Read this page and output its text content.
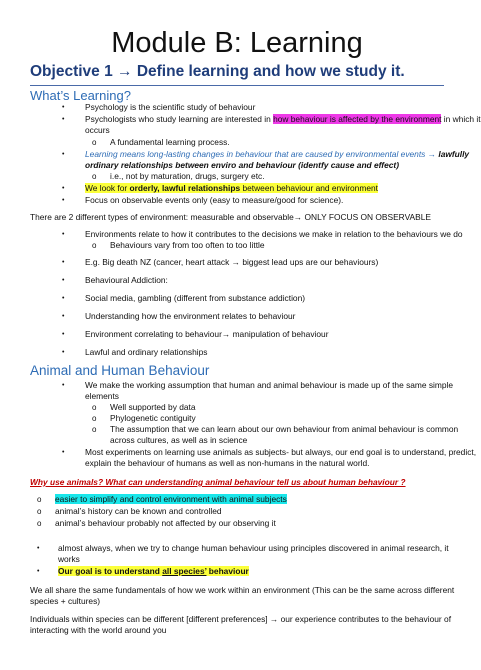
Module B: Learning
Objective 1 → Define learning and how we study it.
What’s Learning?
• Psychology is the scientific study of behaviour
• Psychologists who study learning are interested in how behaviour is affected by the environment in which it
occurs
o A fundamental learning process.
• Learning means long-lasting changes in behaviour that are caused by environmental events → lawfully
ordinary relationships between enviro and behaviour (identfy cause and effect)
o i.e., not by maturation, drugs, surgery etc.
• We look for orderly, lawful relationships between behaviour and environment
• Focus on observable events only (easy to measure/good for science).
There are 2 different types of environment: measurable and observable→ ONLY FOCUS ON OBSERVABLE
• Environments relate to how it contributes to the decisions we make in relation to the behaviours we do
o Behaviours vary from too often to too little
• E.g. Big death NZ (cancer, heart attack → biggest lead ups are our behaviours)
• Behavioural Addiction:
• Social media, gambling (different from substance addiction)
• Understanding how the environment relates to behaviour
• Environment correlating to behaviour→ manipulation of behaviour
• Lawful and ordinary relationships
Animal and Human Behaviour
• We make the working assumption that human and animal behaviour is made up of the same simple
elements
o Well supported by data
o Phylogenetic contiguity
o The assumption that we can learn about our own behaviour from animal behaviour is common
across cultures, as well as in science
• Most experiments on learning use animals as subjects- but always, our end goal is to understand, predict,
explain the behaviour of humans as well as non-humans in the natural world.
Why use animals? What can understanding animal behaviour tell us about human behaviour ?
o easier to simplify and control environment with animal subjects
o animal’s history can be known and controlled
o animal’s behaviour probably not affected by our observing it
• almost always, when we try to change human behaviour using principles discovered in animal research, it
works
• Our goal is to understand all species’ behaviour
We all share the same fundamentals of how we work within an environment (This can be the same across different
species + cultures)
Individuals within species can be different [different preferences] → our experience contributes to the behaviour of
interacting with the world around you
